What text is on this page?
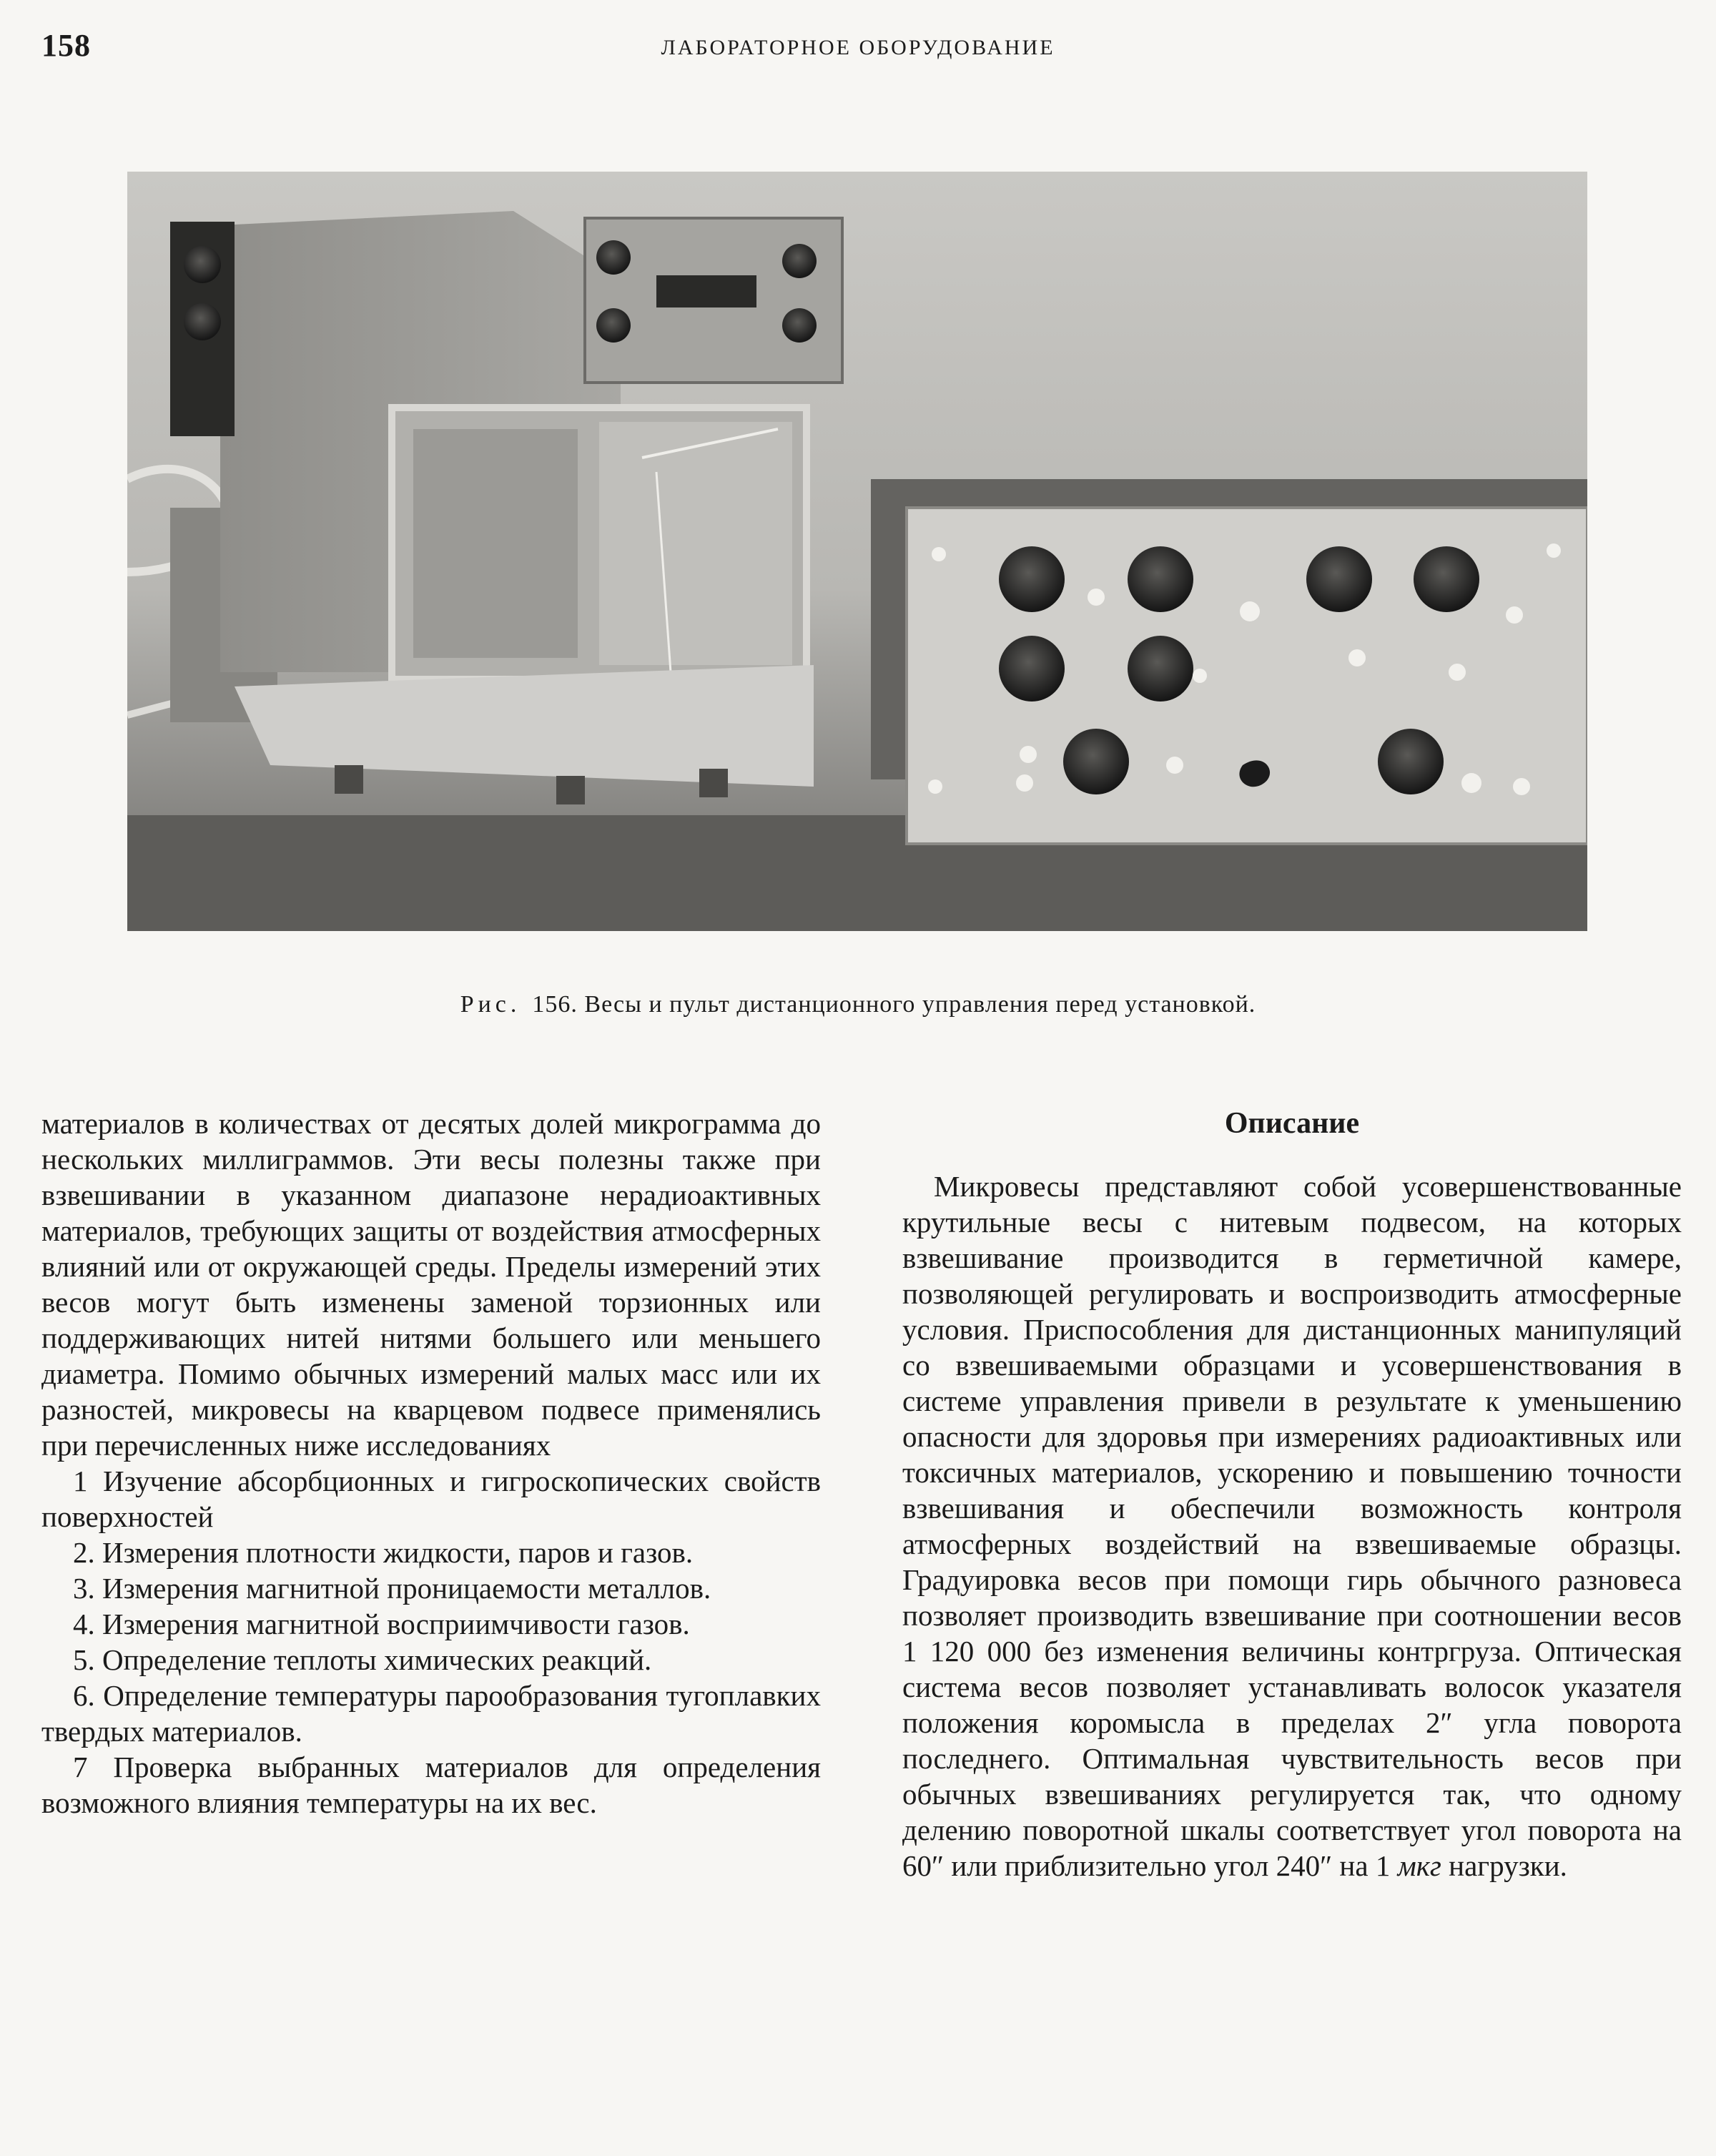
158	ЛАБОРАТОРНОЕ ОБОРУДОВАНИЕ
Рис. 156. Весы и пульт дистанционного управления перед установкой.

материалов в количествах от десятых долей микрограмма до нескольких миллиграммов. Эти весы полезны также при взвешивании в указанном диапазоне нерадиоактивных материалов, требующих защиты от воздействия атмосферных влияний или от окружающей среды. Пределы измерений этих весов могут быть изменены заменой торзионных или поддерживающих нитей нитями большего или меньшего диаметра. Помимо обычных измерений малых масс или их разностей, микровесы на кварцевом подвесе применялись при перечисленных ниже исследованиях

1 Изучение абсорбционных и гигроскопических свойств поверхностей
2. Измерения плотности жидкости, паров и газов.
3. Измерения магнитной проницаемости металлов.
4. Измерения магнитной восприимчивости газов.
5. Определение теплоты химических реакций.
6. Определение температуры парообразования тугоплавких твердых материалов.
7 Проверка выбранных материалов для определения возможного влияния температуры на их вес.
Описание

Микровесы представляют собой усовершенствованные крутильные весы с нитевым подвесом, на которых взвешивание производится в герметичной камере, позволяющей регулировать и воспроизводить атмосферные условия. Приспособления для дистанционных манипуляций со взвешиваемыми образцами и усовершенствования в системе управления привели в результате к уменьшению опасности для здоровья при измерениях радиоактивных или токсичных материалов, ускорению и повышению точности взвешивания и обеспечили возможность контроля атмосферных воздействий на взвешиваемые образцы. Градуировка весов при помощи гирь обычного разновеса позволяет производить взвешивание при соотношении весов 1 120 000 без изменения величины контргруза. Оптическая система весов позволяет устанавливать волосок указателя положения коромысла в пределах 2″ угла поворота последнего. Оптимальная чувствительность весов при обычных взвешиваниях регулируется так, что одному делению поворотной шкалы соответствует угол поворота на 60″ или приблизительно угол 240″ на 1 мкг нагрузки.
